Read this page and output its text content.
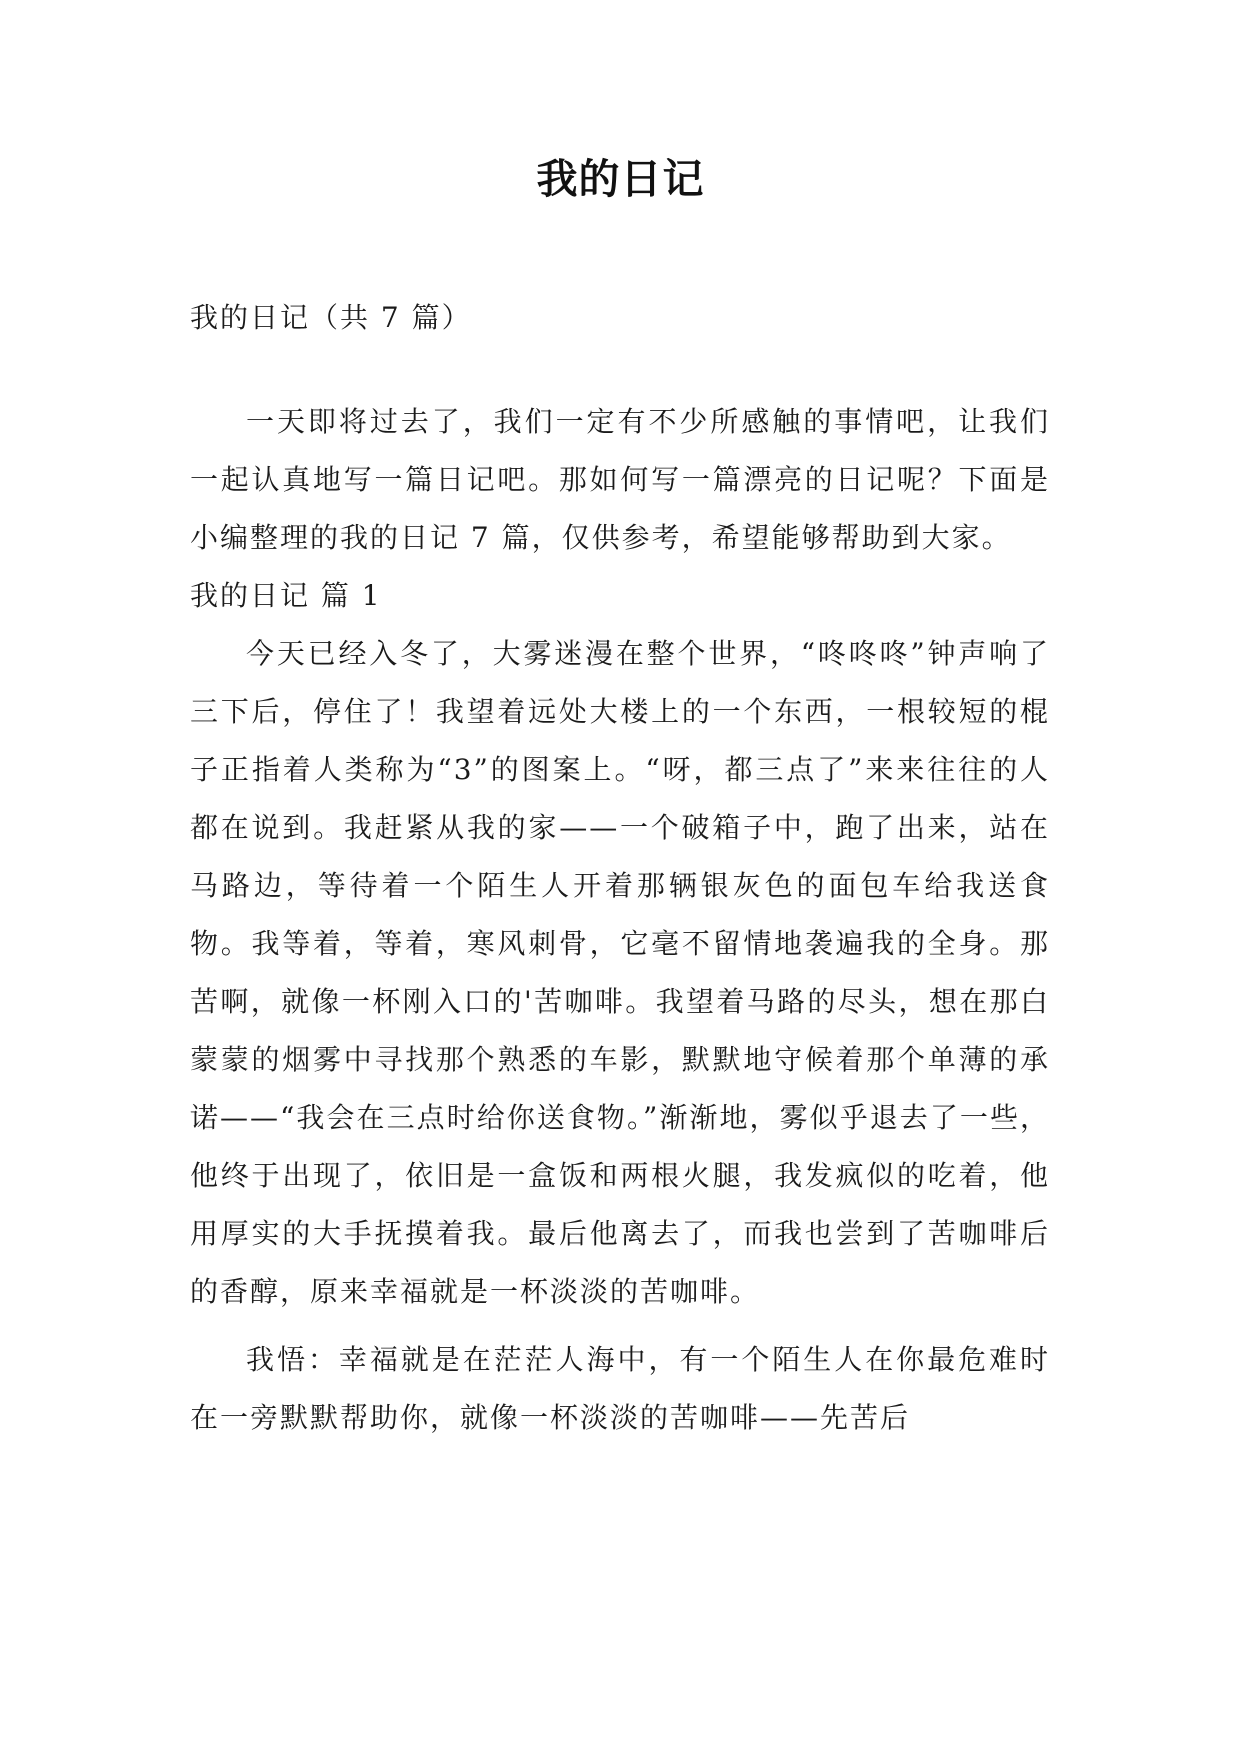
我的日记

我的日记（共 7 篇）

一天即将过去了，我们一定有不少所感触的事情吧，让我们一起认真地写一篇日记吧。那如何写一篇漂亮的日记呢？下面是小编整理的我的日记 7 篇，仅供参考，希望能够帮助到大家。

我的日记 篇 1

今天已经入冬了，大雾迷漫在整个世界，“咚咚咚”钟声响了三下后，停住了！我望着远处大楼上的一个东西，一根较短的棍子正指着人类称为“3”的图案上。“呀，都三点了”来来往往的人都在说到。我赶紧从我的家——一个破箱子中，跑了出来，站在马路边，等待着一个陌生人开着那辆银灰色的面包车给我送食物。我等着，等着，寒风刺骨，它毫不留情地袭遍我的全身。那苦啊，就像一杯刚入口的'苦咖啡。我望着马路的尽头，想在那白蒙蒙的烟雾中寻找那个熟悉的车影，默默地守候着那个单薄的承诺——“我会在三点时给你送食物。”渐渐地，雾似乎退去了一些，他终于出现了，依旧是一盒饭和两根火腿，我发疯似的吃着，他用厚实的大手抚摸着我。最后他离去了，而我也尝到了苦咖啡后的香醇，原来幸福就是一杯淡淡的苦咖啡。

我悟：幸福就是在茫茫人海中，有一个陌生人在你最危难时在一旁默默帮助你，就像一杯淡淡的苦咖啡——先苦后
